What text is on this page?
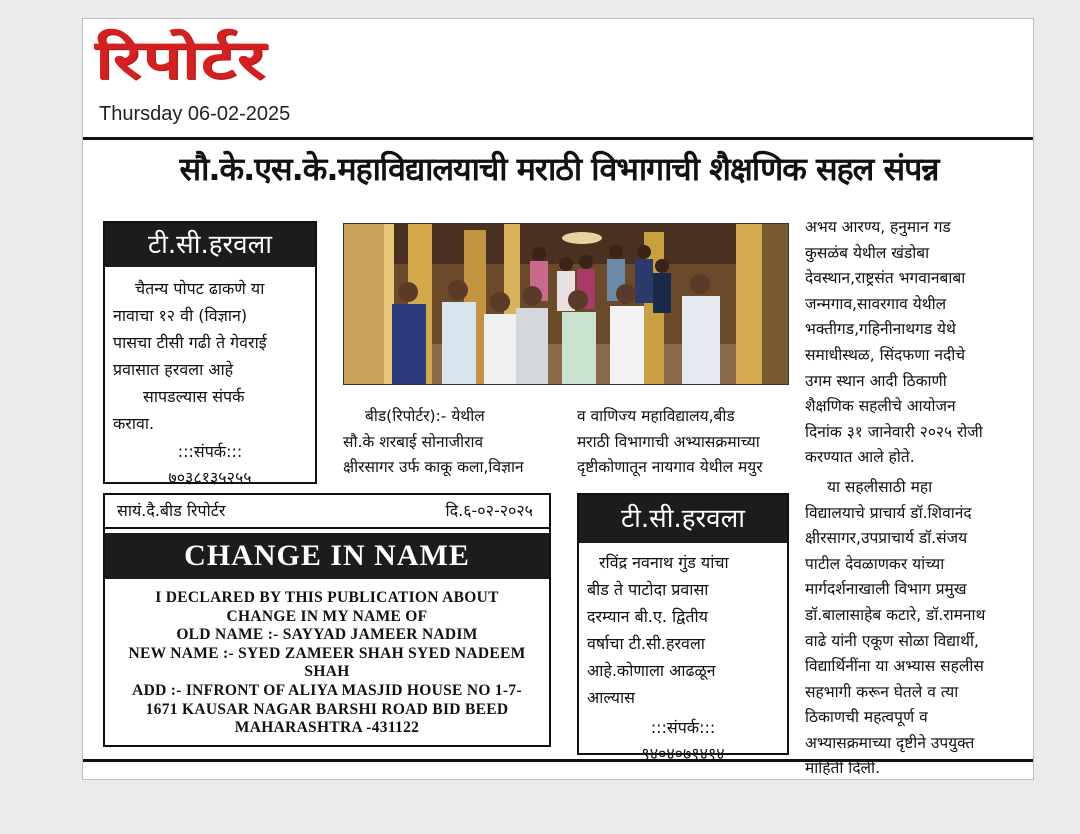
रिपोर्टर
Thursday 06-02-2025
सौ.के.एस.के.महाविद्यालयाची मराठी विभागाची शैक्षणिक सहल संपन्न
टी.सी.हरवला
चैतन्य पोपट ढाकणे या
नावाचा १२ वी (विज्ञान)
पासचा टीसी गढी ते गेवराई
प्रवासात हरवला आहे
सापडल्यास संपर्क
करावा.
:::संपर्क:::
७०३८१३५२५५
बीड(रिपोर्टर):- येथील
सौ.के शरबाई सोनाजीराव
क्षीरसागर उर्फ काकू कला,विज्ञान
व वाणिज्य महाविद्यालय,बीड
मराठी विभागाची अभ्यासक्रमाच्या
दृष्टीकोणातून नायगाव येथील मयुर
अभय आरण्य, हनुमान गड
कुसळंब येथील खंडोबा
देवस्थान,राष्ट्रसंत भगवानबाबा
जन्मगाव,सावरगाव येथील
भक्तीगड,गहिनीनाथगड येथे
समाधीस्थळ, सिंदफणा नदीचे
उगम स्थान आदी ठिकाणी
शैक्षणिक सहलीचे आयोजन
दिनांक ३१ जानेवारी २०२५ रोजी
करण्यात आले होते.
या सहलीसाठी महा
विद्यालयाचे प्राचार्य डॉ.शिवानंद
क्षीरसागर,उपप्राचार्य डॉ.संजय
पाटील देवळाणकर यांच्या
मार्गदर्शनाखाली विभाग प्रमुख
डॉ.बालासाहेब कटारे, डॉ.रामनाथ
वाढे यांनी एकूण सोळा विद्यार्थी,
विद्यार्थिनींना या अभ्यास सहलीस
सहभागी करून घेतले व त्या
ठिकाणची महत्वपूर्ण व
अभ्यासक्रमाच्या दृष्टीने उपयुक्त
माहिती दिली.
सायं.दै.बीड रिपोर्टर	दि.६-०२-२०२५
CHANGE IN NAME
I DECLARED BY THIS PUBLICATION ABOUT
CHANGE IN MY NAME OF
OLD NAME :- SAYYAD JAMEER NADIM
NEW NAME :- SYED ZAMEER SHAH SYED NADEEM
SHAH
ADD :- INFRONT OF ALIYA MASJID HOUSE NO 1-7-
1671 KAUSAR NAGAR BARSHI ROAD BID BEED
MAHARASHTRA -431122
टी.सी.हरवला
रविंद्र नवनाथ गुंड यांचा
बीड ते पाटोदा प्रवासा
दरम्यान बी.ए. द्वितीय
वर्षाचा टी.सी.हरवला
आहे.कोणाला आढळून
आल्यास
:::संपर्क:::
९४०४०७१४१४
